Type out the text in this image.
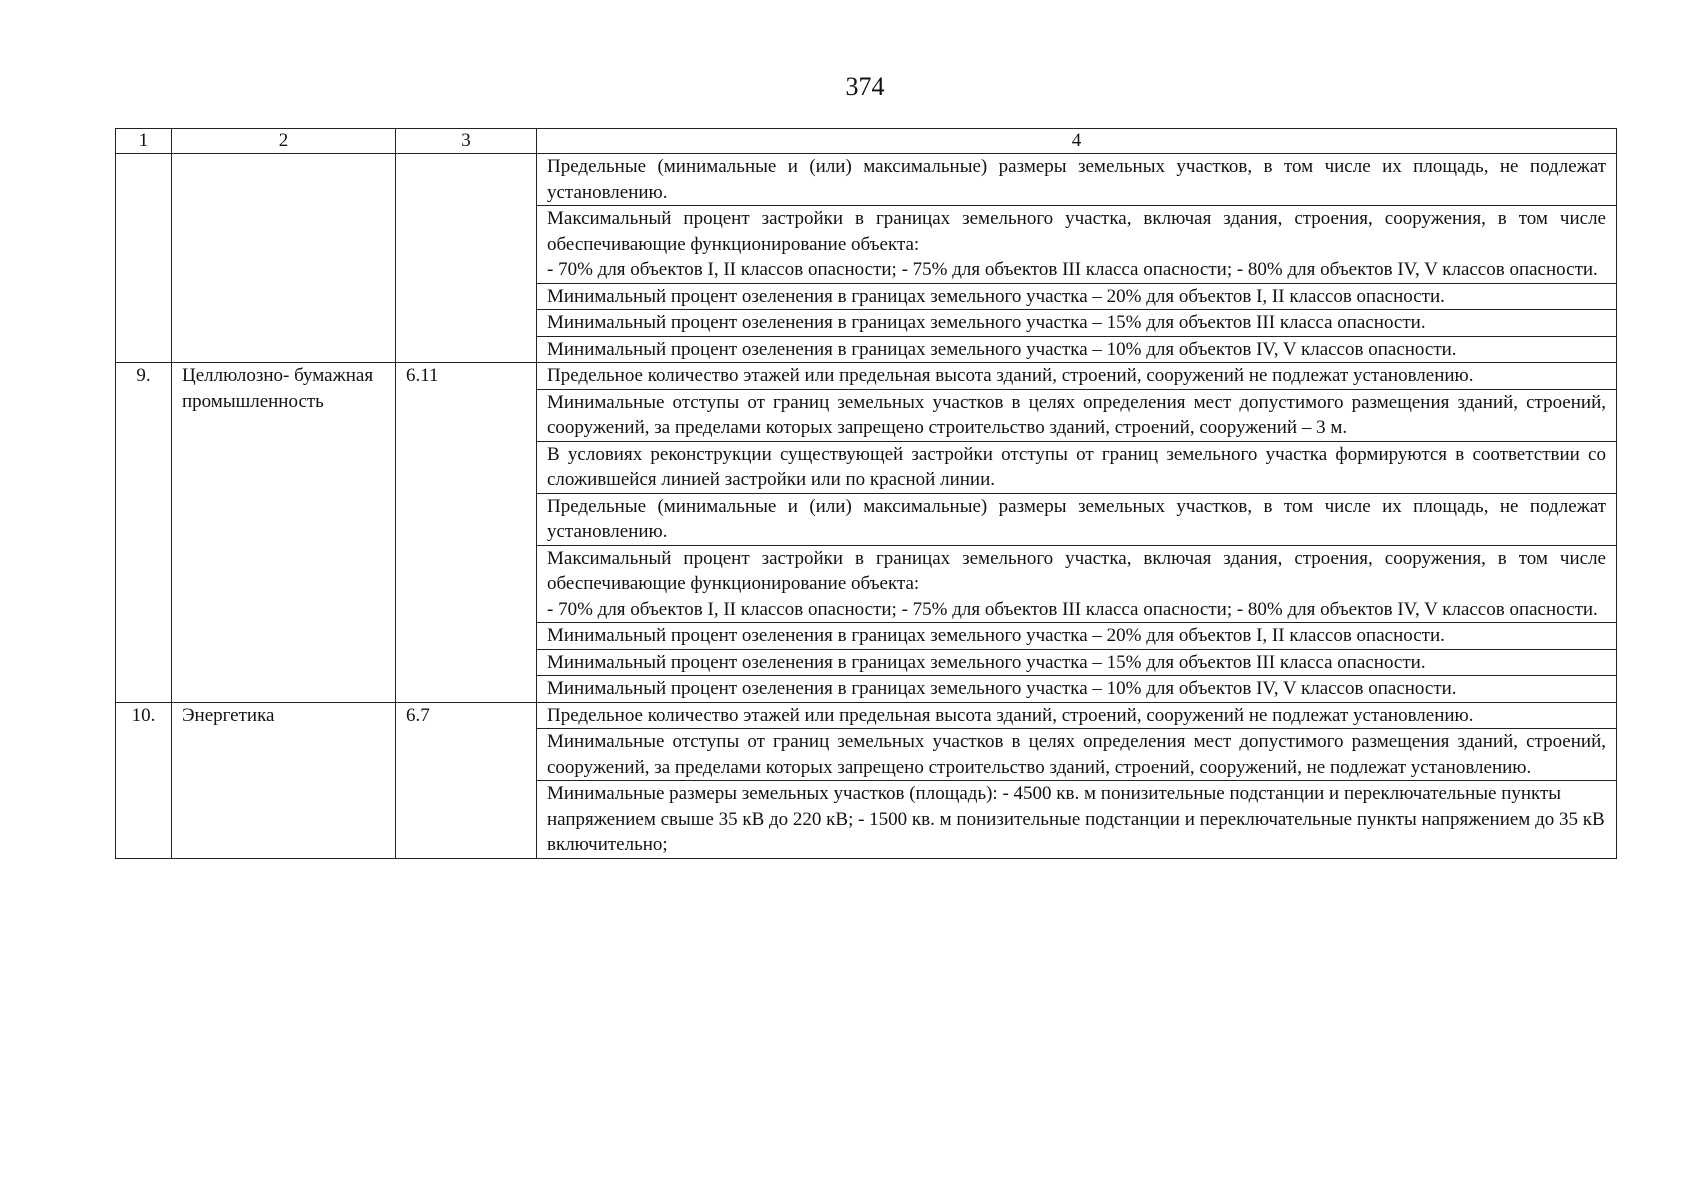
374
1	2	3	4
			Предельные (минимальные и (или) максимальные) размеры земельных участков, в том числе их площадь, не подлежат установлению.

			Максимальный процент застройки в границах земельного участка, включая здания, строения, сооружения, в том числе обеспечивающие функционирование объекта:
- 70% для объектов I, II классов опасности; - 75% для объектов III класса опасности; - 80% для объектов IV, V классов опасности.
			Минимальный процент озеленения в границах земельного участка – 20% для объектов I, II классов опасности.
			Минимальный процент озеленения в границах земельного участка – 15% для объектов III класса опасности.
			Минимальный процент озеленения в границах земельного участка – 10% для объектов IV, V классов опасности.
9.	Целлюлозно- бумажная промышленность	6.11	Предельное количество этажей или предельная высота зданий, строений, сооружений не подлежат установлению.
			Минимальные отступы от границ земельных участков в целях определения мест допустимого размещения зданий, строений, сооружений, за пределами которых запрещено строительство зданий, строений, сооружений – 3 м.
			В условиях реконструкции существующей застройки отступы от границ земельного участка формируются в соответствии со сложившейся линией застройки или по красной линии.
			Предельные (минимальные и (или) максимальные) размеры земельных участков, в том числе их площадь, не подлежат установлению.

			Максимальный процент застройки в границах земельного участка, включая здания, строения, сооружения, в том числе обеспечивающие функционирование объекта:
- 70% для объектов I, II классов опасности; - 75% для объектов III класса опасности; - 80% для объектов IV, V классов опасности.
			Минимальный процент озеленения в границах земельного участка – 20% для объектов I, II классов опасности.
			Минимальный процент озеленения в границах земельного участка – 15% для объектов III класса опасности.
			Минимальный процент озеленения в границах земельного участка – 10% для объектов IV, V классов опасности.
10.	Энергетика	6.7	Предельное количество этажей или предельная высота зданий, строений, сооружений не подлежат установлению.
			Минимальные отступы от границ земельных участков в целях определения мест допустимого размещения зданий, строений, сооружений, за пределами которых запрещено строительство зданий, строений, сооружений, не подлежат установлению.
			Минимальные размеры земельных участков (площадь): - 4500 кв. м понизительные подстанции и переключательные пункты напряжением свыше 35 кВ до 220 кВ; - 1500 кв. м понизительные подстанции и переключательные пункты напряжением до 35 кВ включительно;
